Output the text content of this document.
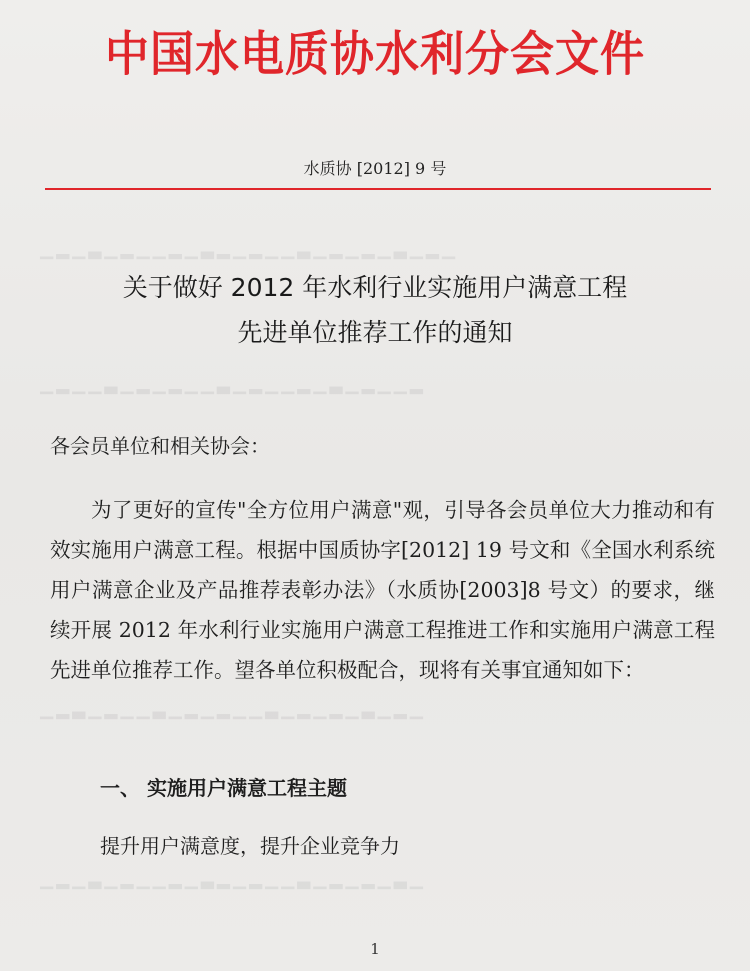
▁▂▁▃▁▂▁▁▂▁▃▂▁▂▁▁▃▁▂▁▂▁▃▁▂▁
▁▂▁▁▃▁▂▁▂▁▁▃▁▂▁▁▂▁▃▁▂▁▁▂
▁▂▃▁▂▁▁▃▁▂▁▂▁▁▃▁▂▁▂▁▃▁▂▁
▁▂▁▃▁▂▁▁▂▁▃▂▁▂▁▁▃▁▂▁▂▁▃▁
中国水电质协水利分会文件
水质协 [2012] 9 号
关于做好 2012 年水利行业实施用户满意工程
先进单位推荐工作的通知
各会员单位和相关协会：
为了更好的宣传"全方位用户满意"观，引导各会员单位大力推动和有效实施用户满意工程。根据中国质协字[2012] 19 号文和《全国水利系统用户满意企业及产品推荐表彰办法》（水质协[2003]8 号文）的要求，继续开展 2012 年水利行业实施用户满意工程推进工作和实施用户满意工程先进单位推荐工作。望各单位积极配合，现将有关事宜通知如下：
一、 实施用户满意工程主题
提升用户满意度，提升企业竞争力
1
